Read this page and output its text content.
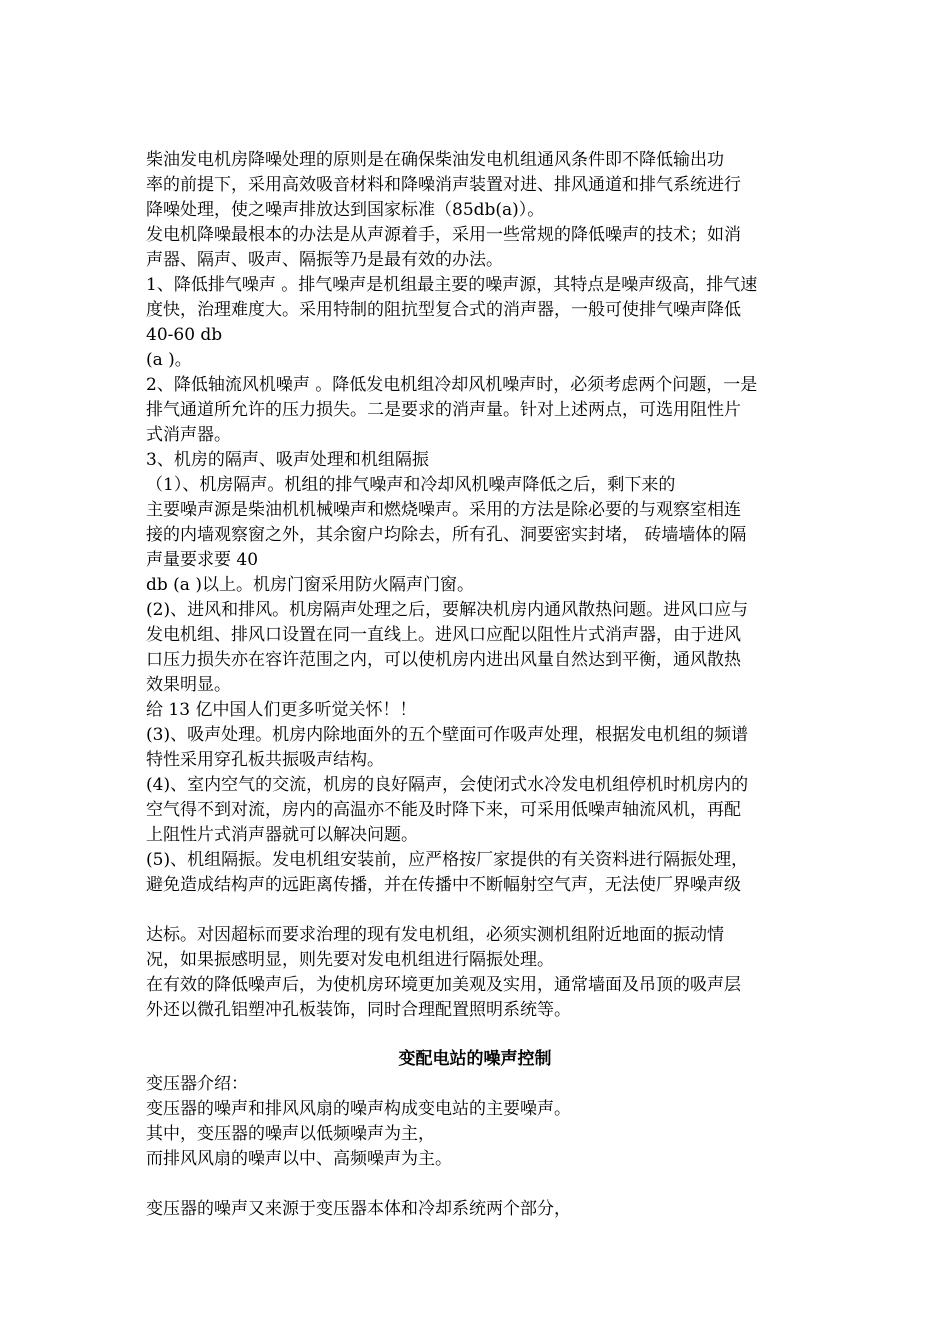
柴油发电机房降噪处理的原则是在确保柴油发电机组通风条件即不降低输出功
率的前提下，采用高效吸音材料和降噪消声装置对进、排风通道和排气系统进行
降噪处理，使之噪声排放达到国家标准（85db(a)）。
发电机降噪最根本的办法是从声源着手，采用一些常规的降低噪声的技术；如消
声器、隔声、吸声、隔振等乃是最有效的办法。
1、降低排气噪声 。排气噪声是机组最主要的噪声源，其特点是噪声级高，排气速
度快，治理难度大。采用特制的阻抗型复合式的消声器，一般可使排气噪声降低
40-60 db
(a )。
2、降低轴流风机噪声 。降低发电机组冷却风机噪声时，必须考虑两个问题，一是
排气通道所允许的压力损失。二是要求的消声量。针对上述两点，可选用阻性片
式消声器。
3、机房的隔声、吸声处理和机组隔振
（1）、机房隔声。机组的排气噪声和冷却风机噪声降低之后，剩下来的
主要噪声源是柴油机机械噪声和燃烧噪声。采用的方法是除必要的与观察室相连
接的内墙观察窗之外，其余窗户均除去，所有孔、洞要密实封堵， 砖墙墙体的隔
声量要求要 40
db (a )以上。机房门窗采用防火隔声门窗。
(2)、进风和排风。机房隔声处理之后，要解决机房内通风散热问题。进风口应与
发电机组、排风口设置在同一直线上。进风口应配以阻性片式消声器，由于进风
口压力损失亦在容许范围之内，可以使机房内进出风量自然达到平衡，通风散热
效果明显。
给 13 亿中国人们更多听觉关怀！！
(3)、吸声处理。机房内除地面外的五个壁面可作吸声处理，根据发电机组的频谱
特性采用穿孔板共振吸声结构。
(4)、室内空气的交流，机房的良好隔声，会使闭式水冷发电机组停机时机房内的
空气得不到对流，房内的高温亦不能及时降下来，可采用低噪声轴流风机，再配
上阻性片式消声器就可以解决问题。
(5)、机组隔振。发电机组安装前，应严格按厂家提供的有关资料进行隔振处理，
避免造成结构声的远距离传播，并在传播中不断幅射空气声，无法使厂界噪声级
达标。对因超标而要求治理的现有发电机组，必须实测机组附近地面的振动情
况，如果振感明显，则先要对发电机组进行隔振处理。
在有效的降低噪声后，为使机房环境更加美观及实用，通常墙面及吊顶的吸声层
外还以微孔铝塑冲孔板装饰，同时合理配置照明系统等。
变配电站的噪声控制
变压器介绍：
变压器的噪声和排风风扇的噪声构成变电站的主要噪声。
其中，变压器的噪声以低频噪声为主，
而排风风扇的噪声以中、高频噪声为主。
变压器的噪声又来源于变压器本体和冷却系统两个部分，
